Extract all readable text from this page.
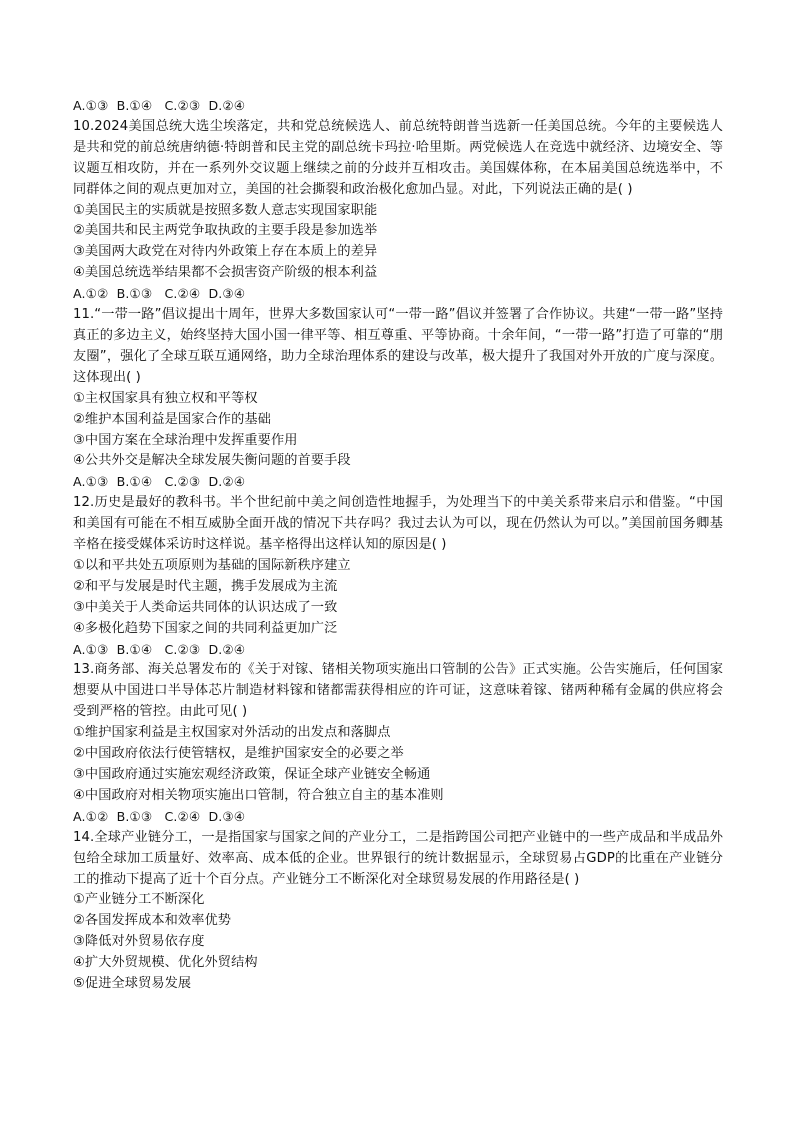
A.①③  B.①④   C.②③  D.②④
10.2024美国总统大选尘埃落定，共和党总统候选人、前总统特朗普当选新一任美国总统。今年的主要候选人是共和党的前总统唐纳德·特朗普和民主党的副总统卡玛拉·哈里斯。两党候选人在竞选中就经济、边境安全、等议题互相攻防，并在一系列外交议题上继续之前的分歧并互相攻击。美国媒体称，在本届美国总统选举中，不同群体之间的观点更加对立，美国的社会撕裂和政治极化愈加凸显。对此，下列说法正确的是( )
①美国民主的实质就是按照多数人意志实现国家职能
②美国共和民主两党争取执政的主要手段是参加选举
③美国两大政党在对待内外政策上存在本质上的差异
④美国总统选举结果都不会损害资产阶级的根本利益
A.①②  B.①③   C.②④  D.③④
11.“一带一路”倡议提出十周年，世界大多数国家认可“一带一路”倡议并签署了合作协议。共建“一带一路”坚持真正的多边主义，始终坚持大国小国一律平等、相互尊重、平等协商。十余年间，“一带一路”打造了可靠的“朋友圈”，强化了全球互联互通网络，助力全球治理体系的建设与改革，极大提升了我国对外开放的广度与深度。这体现出( )
①主权国家具有独立权和平等权
②维护本国利益是国家合作的基础
③中国方案在全球治理中发挥重要作用
④公共外交是解决全球发展失衡问题的首要手段
A.①③  B.①④   C.②③  D.②④
12.历史是最好的教科书。半个世纪前中美之间创造性地握手，为处理当下的中美关系带来启示和借鉴。“中国和美国有可能在不相互威胁全面开战的情况下共存吗？我过去认为可以，现在仍然认为可以。”美国前国务卿基辛格在接受媒体采访时这样说。基辛格得出这样认知的原因是( )
①以和平共处五项原则为基础的国际新秩序建立
②和平与发展是时代主题，携手发展成为主流
③中美关于人类命运共同体的认识达成了一致
④多极化趋势下国家之间的共同利益更加广泛
A.①③  B.①④   C.②③  D.②④
13.商务部、海关总署发布的《关于对镓、锗相关物项实施出口管制的公告》正式实施。公告实施后，任何国家想要从中国进口半导体芯片制造材料镓和锗都需获得相应的许可证，这意味着镓、锗两种稀有金属的供应将会受到严格的管控。由此可见( )
①维护国家利益是主权国家对外活动的出发点和落脚点
②中国政府依法行使管辖权，是维护国家安全的必要之举
③中国政府通过实施宏观经济政策，保证全球产业链安全畅通
④中国政府对相关物项实施出口管制，符合独立自主的基本准则
A.①②  B.①③   C.②④  D.③④
14.全球产业链分工，一是指国家与国家之间的产业分工，二是指跨国公司把产业链中的一些产成品和半成品外包给全球加工质量好、效率高、成本低的企业。世界银行的统计数据显示，全球贸易占GDP的比重在产业链分工的推动下提高了近十个百分点。产业链分工不断深化对全球贸易发展的作用路径是( )
①产业链分工不断深化
②各国发挥成本和效率优势
③降低对外贸易依存度
④扩大外贸规模、优化外贸结构
⑤促进全球贸易发展
